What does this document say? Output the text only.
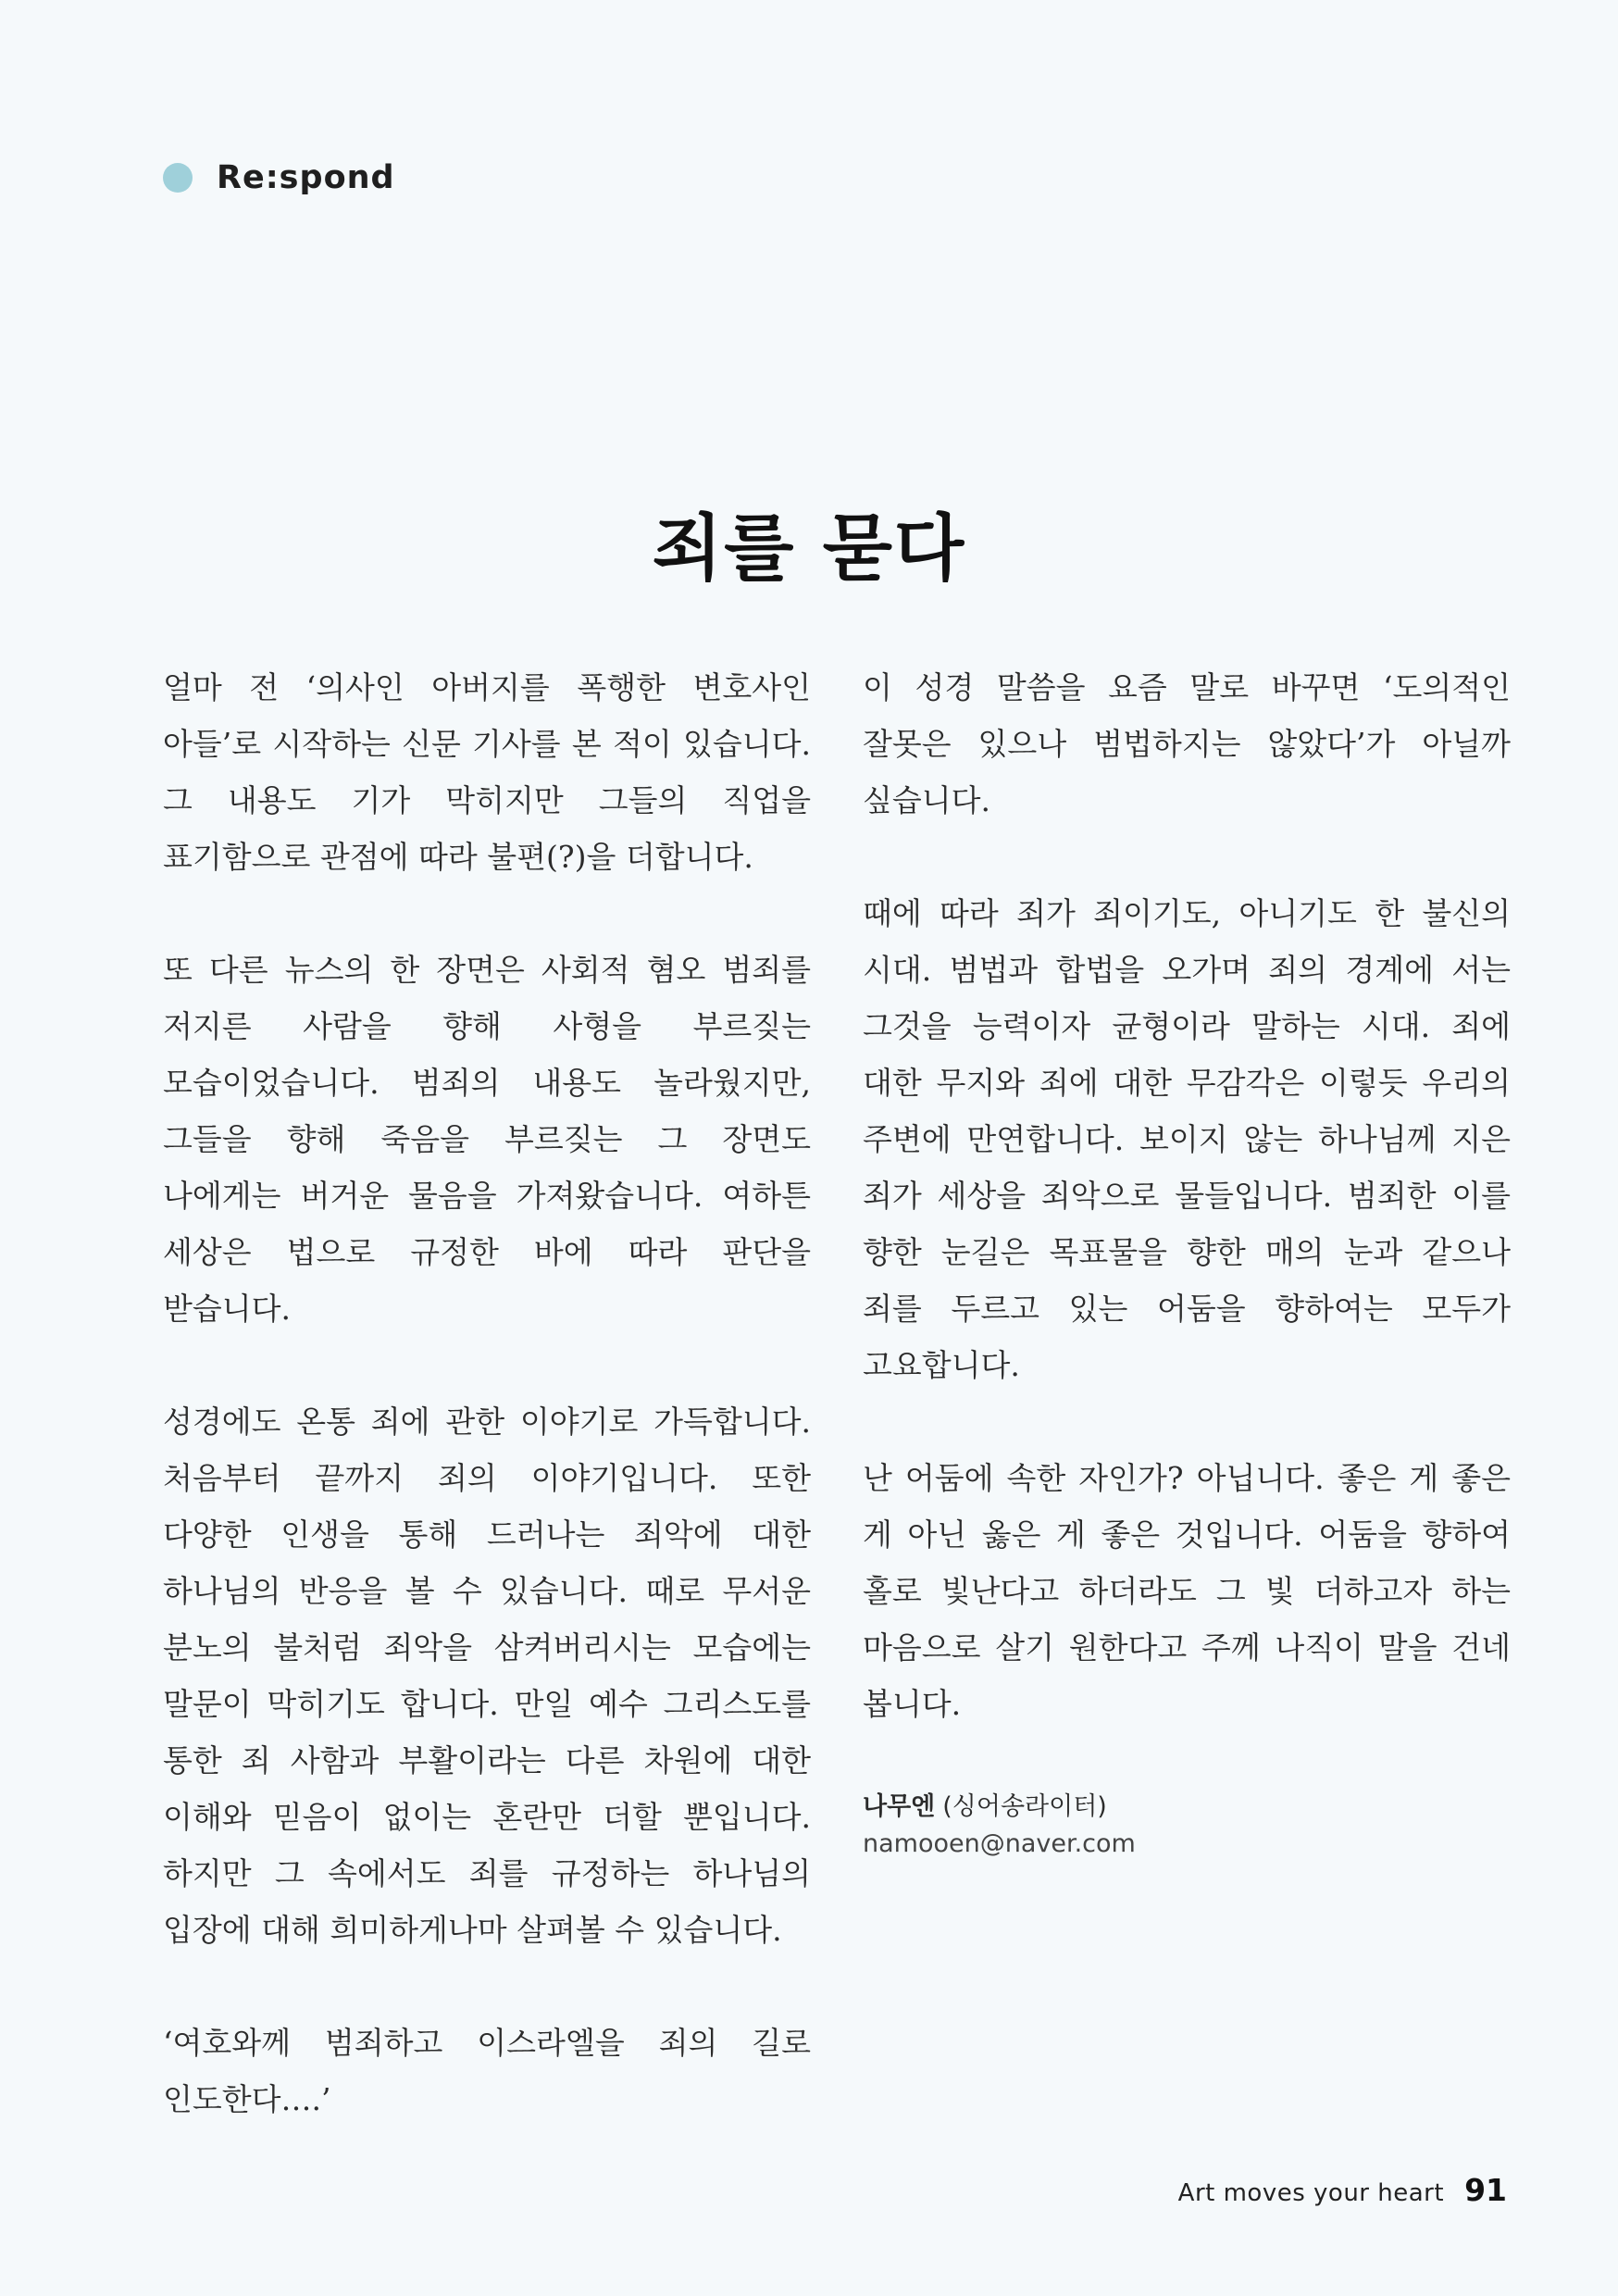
Re:spond
죄를 묻다

얼마 전 ‘의사인 아버지를 폭행한 변호사인 아들’로 시작하는 신문 기사를 본 적이 있습니다. 그 내용도 기가 막히지만 그들의 직업을 표기함으로 관점에 따라 불편(?)을 더합니다.

또 다른 뉴스의 한 장면은 사회적 혐오 범죄를 저지른 사람을 향해 사형을 부르짖는 모습이었습니다. 범죄의 내용도 놀라웠지만, 그들을 향해 죽음을 부르짖는 그 장면도 나에게는 버거운 물음을 가져왔습니다. 여하튼 세상은 법으로 규정한 바에 따라 판단을 받습니다.

성경에도 온통 죄에 관한 이야기로 가득합니다. 처음부터 끝까지 죄의 이야기입니다. 또한 다양한 인생을 통해 드러나는 죄악에 대한 하나님의 반응을 볼 수 있습니다. 때로 무서운 분노의 불처럼 죄악을 삼켜버리시는 모습에는 말문이 막히기도 합니다. 만일 예수 그리스도를 통한 죄 사함과 부활이라는 다른 차원에 대한 이해와 믿음이 없이는 혼란만 더할 뿐입니다. 하지만 그 속에서도 죄를 규정하는 하나님의 입장에 대해 희미하게나마 살펴볼 수 있습니다.

‘여호와께 범죄하고 이스라엘을 죄의 길로 인도한다….’

이 성경 말씀을 요즘 말로 바꾸면 ‘도의적인 잘못은 있으나 범법하지는 않았다’가 아닐까 싶습니다.

때에 따라 죄가 죄이기도, 아니기도 한 불신의 시대. 범법과 합법을 오가며 죄의 경계에 서는 그것을 능력이자 균형이라 말하는 시대. 죄에 대한 무지와 죄에 대한 무감각은 이렇듯 우리의 주변에 만연합니다. 보이지 않는 하나님께 지은 죄가 세상을 죄악으로 물들입니다. 범죄한 이를 향한 눈길은 목표물을 향한 매의 눈과 같으나 죄를 두르고 있는 어둠을 향하여는 모두가 고요합니다.

난 어둠에 속한 자인가? 아닙니다. 좋은 게 좋은 게 아닌 옳은 게 좋은 것입니다. 어둠을 향하여 홀로 빛난다고 하더라도 그 빛 더하고자 하는 마음으로 살기 원한다고 주께 나직이 말을 건네 봅니다.

나무엔 (싱어송라이터)
namooen@naver.com
Art moves your heart 91
